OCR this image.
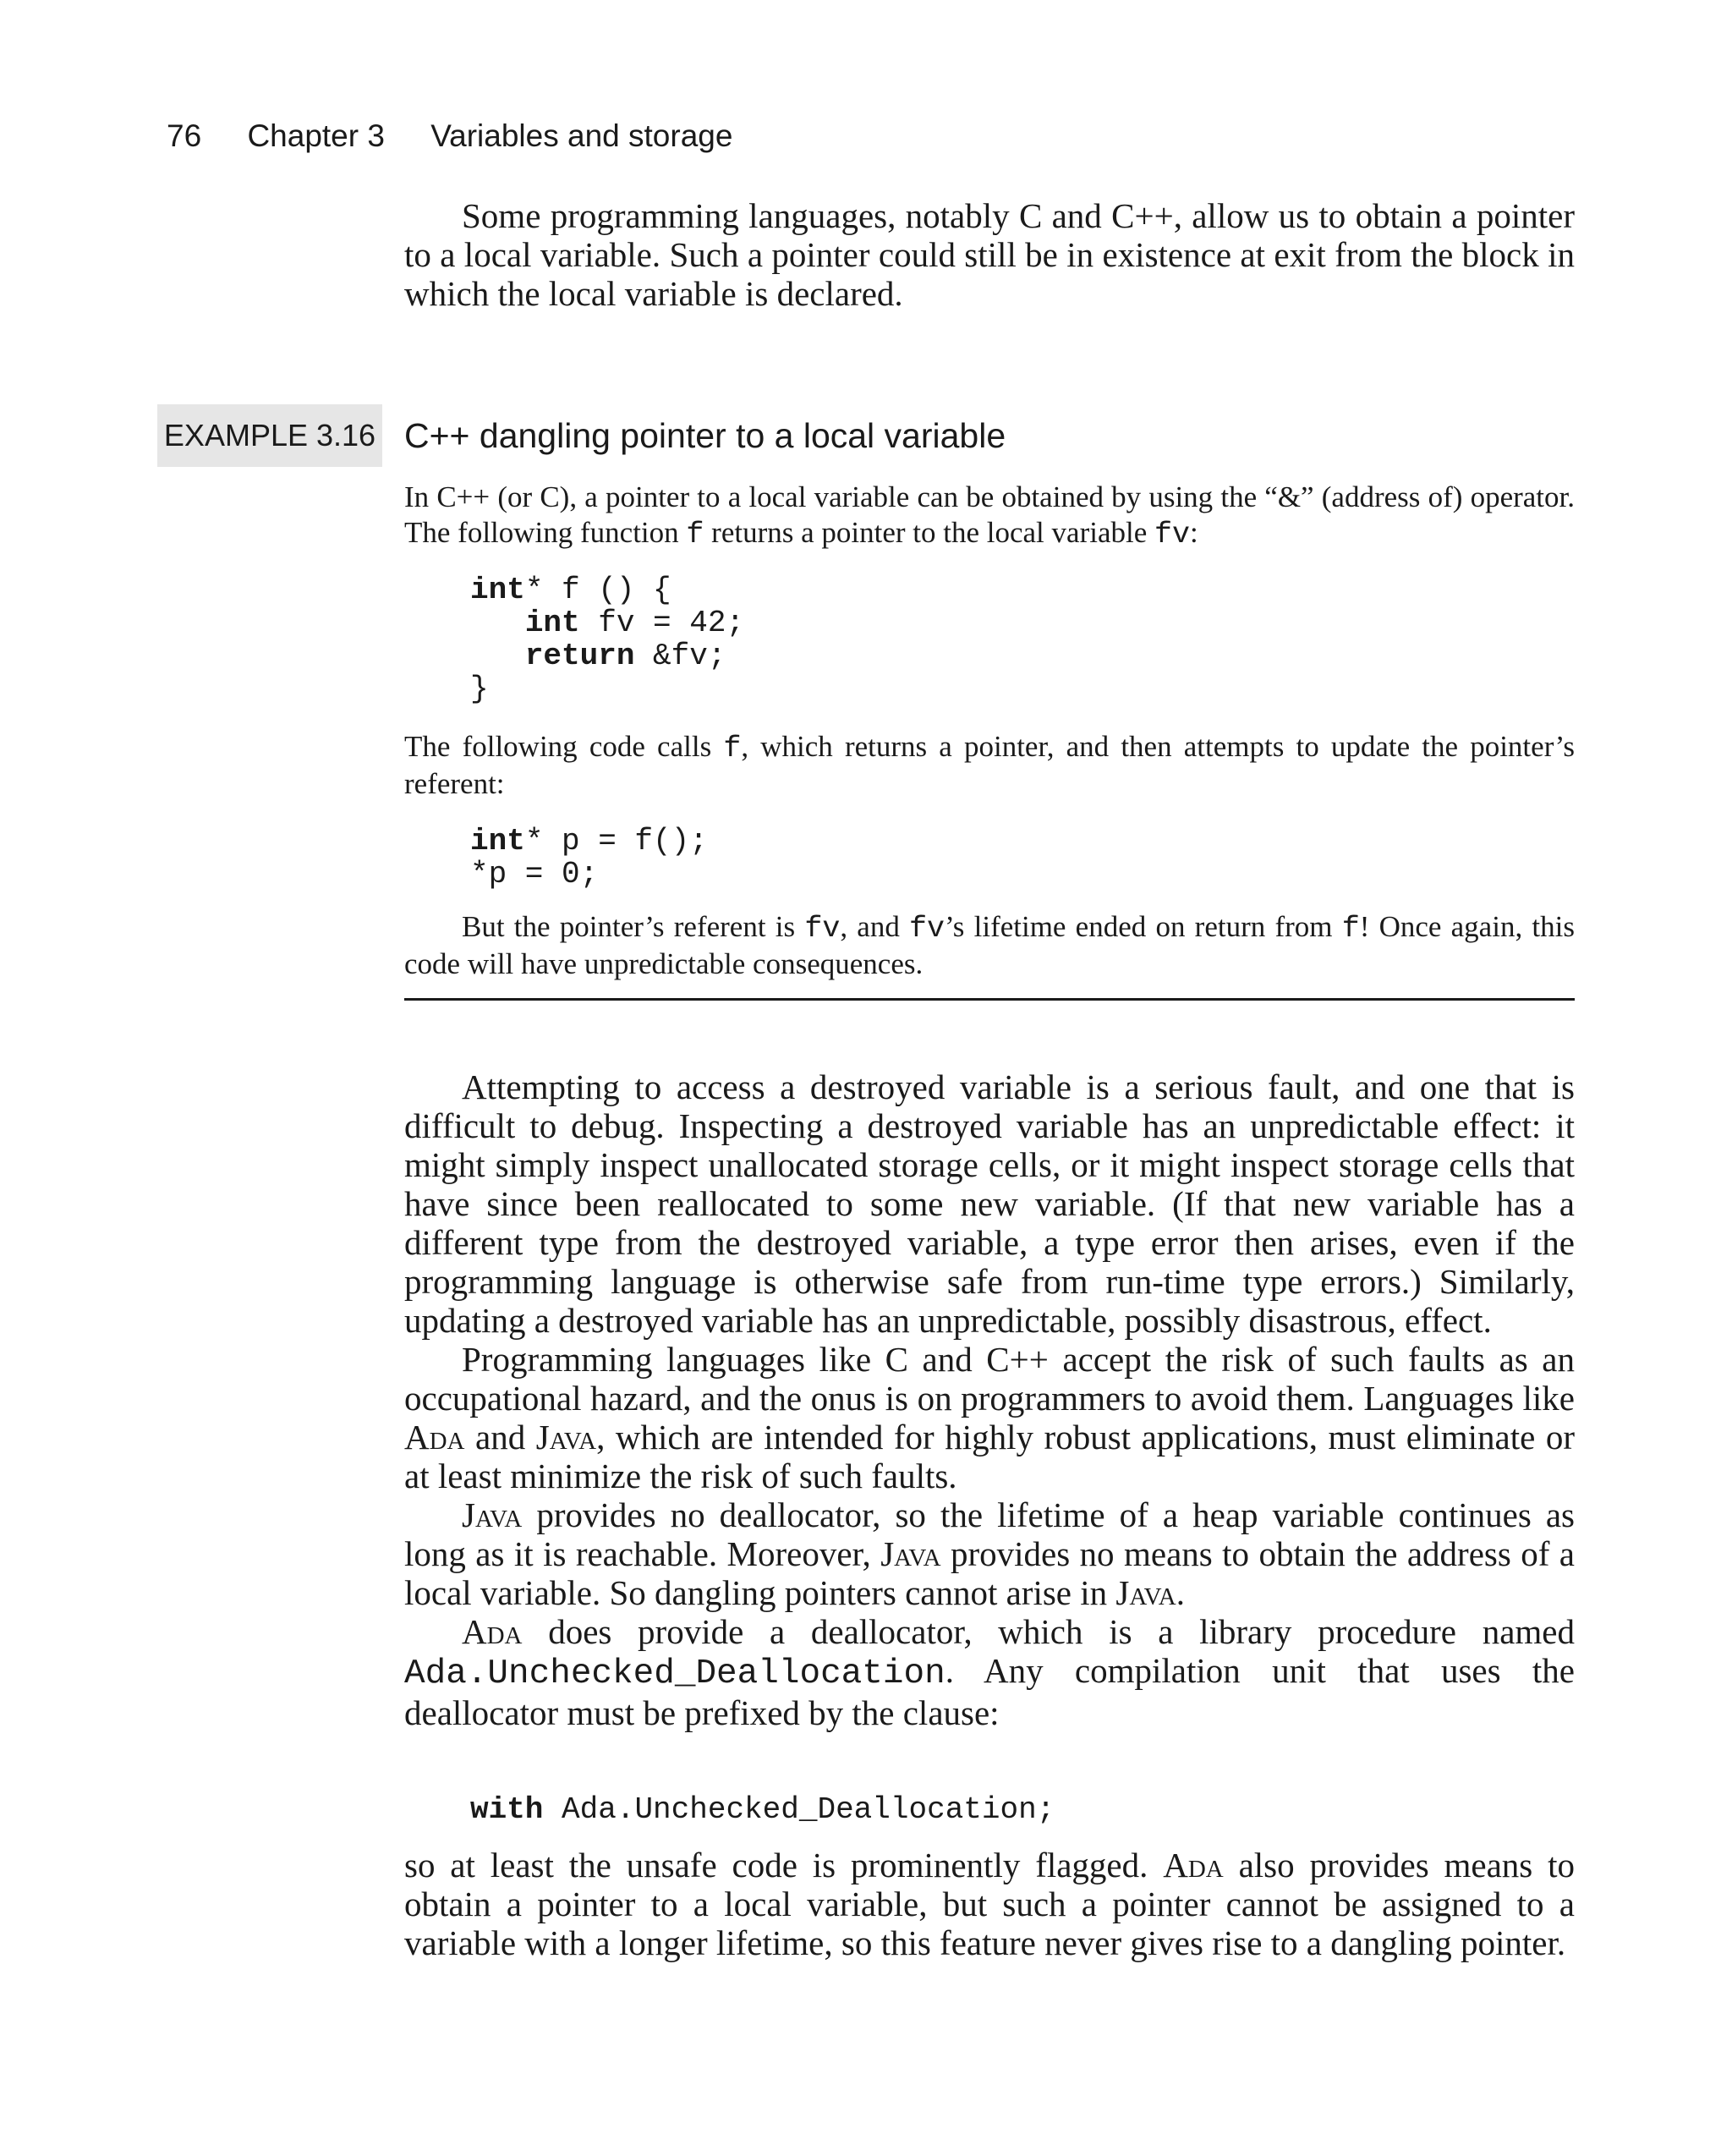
76 Chapter 3 Variables and storage

Some programming languages, notably C and C++, allow us to obtain a pointer to a local variable. Such a pointer could still be in existence at exit from the block in which the local variable is declared.

EXAMPLE 3.16 C++ dangling pointer to a local variable

In C++ (or C), a pointer to a local variable can be obtained by using the “&” (address of) operator. The following function f returns a pointer to the local variable fv:

int* f () {
int fv = 42;
return &fv;
}

The following code calls f, which returns a pointer, and then attempts to update the pointer’s referent:

int* p = f();
*p = 0;

But the pointer’s referent is fv, and fv’s lifetime ended on return from f! Once again, this code will have unpredictable consequences.

Attempting to access a destroyed variable is a serious fault, and one that is difficult to debug. Inspecting a destroyed variable has an unpredictable effect: it might simply inspect unallocated storage cells, or it might inspect storage cells that have since been reallocated to some new variable. (If that new variable has a different type from the destroyed variable, a type error then arises, even if the programming language is otherwise safe from run-time type errors.) Similarly, updating a destroyed variable has an unpredictable, possibly disastrous, effect.

Programming languages like C and C++ accept the risk of such faults as an occupational hazard, and the onus is on programmers to avoid them. Languages like Ada and Java, which are intended for highly robust applications, must eliminate or at least minimize the risk of such faults.

Java provides no deallocator, so the lifetime of a heap variable continues as long as it is reachable. Moreover, Java provides no means to obtain the address of a local variable. So dangling pointers cannot arise in Java.

Ada does provide a deallocator, which is a library procedure named Ada.Unchecked_Deallocation. Any compilation unit that uses the deallocator must be prefixed by the clause:

with Ada.Unchecked_Deallocation;

so at least the unsafe code is prominently flagged. Ada also provides means to obtain a pointer to a local variable, but such a pointer cannot be assigned to a variable with a longer lifetime, so this feature never gives rise to a dangling pointer.
